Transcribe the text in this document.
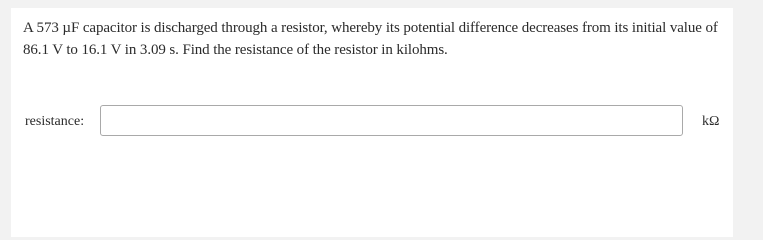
A 573 µF capacitor is discharged through a resistor, whereby its potential difference decreases from its initial value of 86.1 V to 16.1 V in 3.09 s. Find the resistance of the resistor in kilohms.
resistance:	kΩ
